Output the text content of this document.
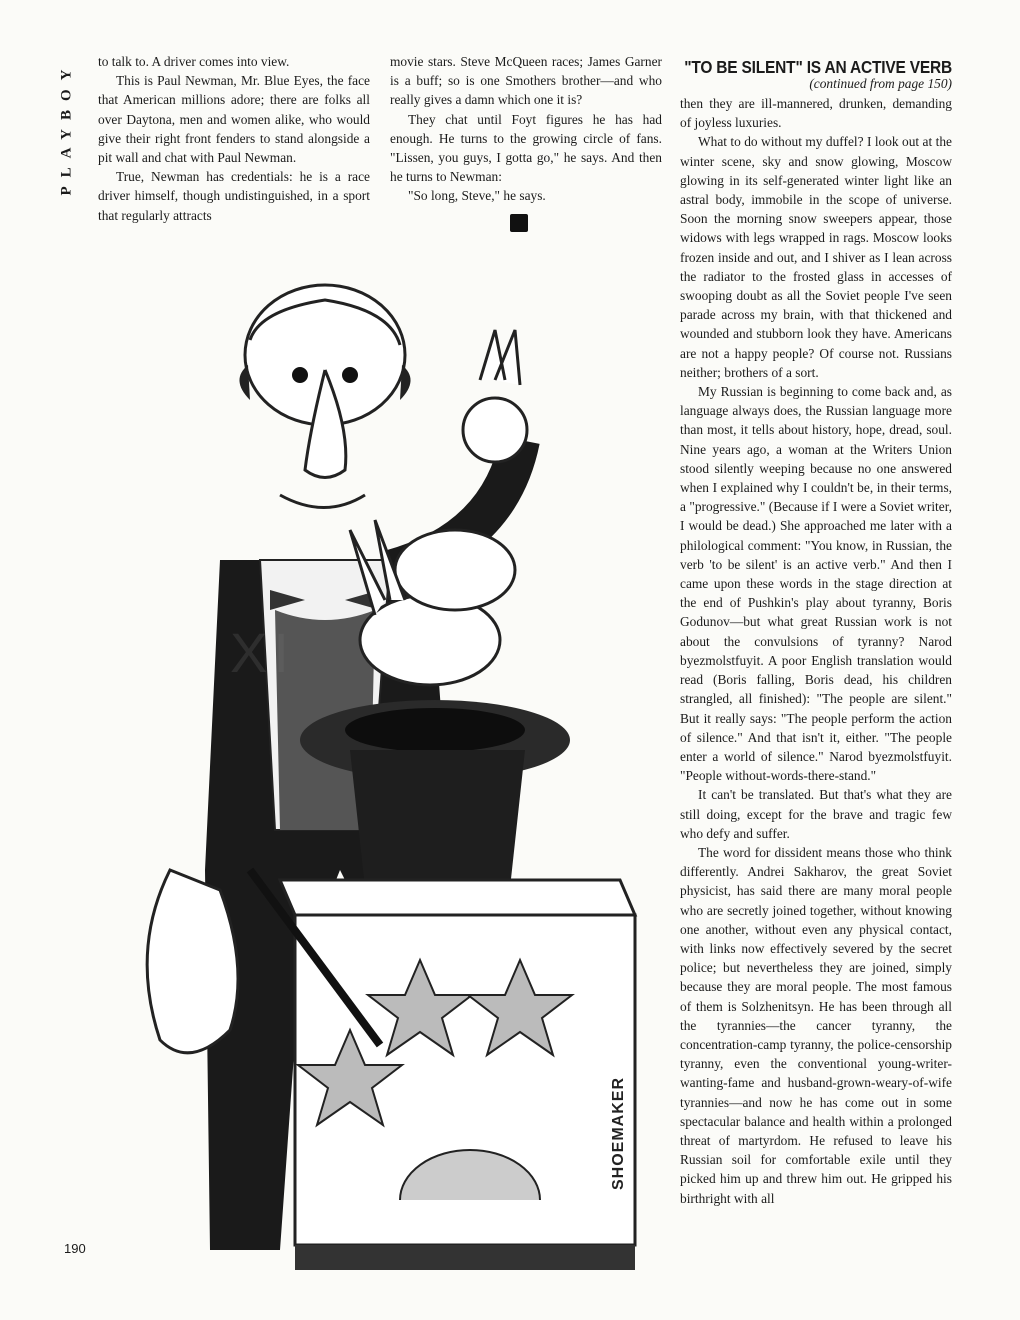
PLAYBOY to talk to. A driver comes into view.

This is Paul Newman, Mr. Blue Eyes, the face that American millions adore; there are folks all over Daytona, men and women alike, who would give their right front fenders to stand alongside a pit wall and chat with Paul Newman.

True, Newman has credentials: he is a race driver himself, though undistinguished, in a sport that regularly attracts

movie stars. Steve McQueen races; James Garner is a buff; so is one Smothers brother—and who really gives a damn which one it is?

They chat until Foyt figures he has had enough. He turns to the growing circle of fans. "Lissen, you guys, I gotta go," he says. And then he turns to Newman:

"So long, Steve," he says.

"TO BE SILENT" IS AN ACTIVE VERB
(continued from page 150)

then they are ill-mannered, drunken, demanding of joyless luxuries.

What to do without my duffel? I look out at the winter scene, sky and snow glowing, Moscow glowing in its self-generated winter light like an astral body, immobile in the scope of universe. Soon the morning snow sweepers appear, those widows with legs wrapped in rags. Moscow looks frozen inside and out, and I shiver as I lean across the radiator to the frosted glass in accesses of swooping doubt as all the Soviet people I've seen parade across my brain, with that thickened and wounded and stubborn look they have. Americans are not a happy people? Of course not. Russians neither; brothers of a sort.

My Russian is beginning to come back and, as language always does, the Russian language more than most, it tells about history, hope, dread, soul. Nine years ago, a woman at the Writers Union stood silently weeping because no one answered when I explained why I couldn't be, in their terms, a "progressive." (Because if I were a Soviet writer, I would be dead.) She approached me later with a philological comment: "You know, in Russian, the verb 'to be silent' is an active verb." And then I came upon these words in the stage direction at the end of Pushkin's play about tyranny, Boris Godunov—but what great Russian work is not about the convulsions of tyranny? Narod byezmolstfuyit. A poor English translation would read (Boris falling, Boris dead, his children strangled, all finished): "The people are silent." But it really says: "The people perform the action of silence." And that isn't it, either. "The people enter a world of silence." Narod byezmolstfuyit. "People without-words-there-stand."

It can't be translated. But that's what they are still doing, except for the brave and tragic few who defy and suffer.

The word for dissident means those who think differently. Andrei Sakharov, the great Soviet physicist, has said there are many moral people who are secretly joined together, without knowing one another, without even any physical contact, with links now effectively severed by the secret police; but nevertheless they are joined, simply because they are moral people. The most famous of them is Solzhenitsyn. He has been through all the tyrannies—the cancer tyranny, the concentration-camp tyranny, the police-censorship tyranny, even the conventional young-writer-wanting-fame and husband-grown-weary-of-wife tyrannies—and now he has come out in some spectacular balance and health within a prolonged threat of martyrdom. He refused to leave his Russian soil for comfortable exile until they picked him up and threw him out. He gripped his birthright with all

XI
SHOEMAKER
190
